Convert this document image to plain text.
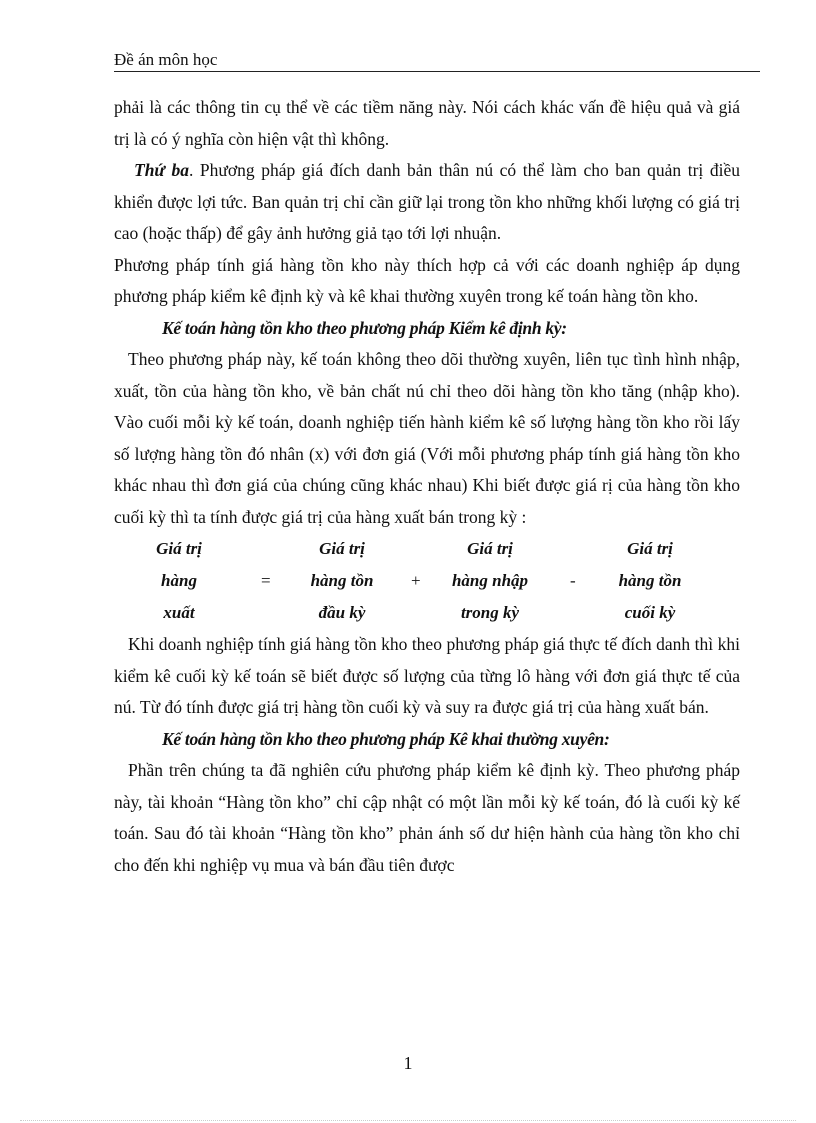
Đề án môn học

phải là các thông tin cụ thể về các tiềm năng này. Nói cách khác vấn đề hiệu quả và giá trị là có ý nghĩa còn hiện vật thì không.

Thứ ba. Phương pháp giá đích danh bản thân nú có thể làm cho ban quản trị điều khiển được lợi tức. Ban quản trị chỉ cần giữ lại trong tồn kho những khối lượng có giá trị cao (hoặc thấp) để gây ảnh hưởng giả tạo tới lợi nhuận.

Phương pháp tính giá hàng tồn kho này thích hợp cả với các doanh nghiệp áp dụng phương pháp kiểm kê định kỳ và kê khai thường xuyên trong kế toán hàng tồn kho.

Kế toán hàng tồn kho theo phương pháp Kiểm kê định kỳ:

Theo phương pháp này, kế toán không theo dõi thường xuyên, liên tục tình hình nhập, xuất, tồn của hàng tồn kho, về bản chất nú chỉ theo dõi hàng tồn kho tăng (nhập kho). Vào cuối mỗi kỳ kế toán, doanh nghiệp tiến hành kiểm kê số lượng hàng tồn kho rồi lấy số lượng hàng tồn đó nhân (x) với đơn giá (Với mỗi phương pháp tính giá hàng tồn kho khác nhau thì đơn giá của chúng cũng khác nhau) Khi biết được giá rị của hàng tồn kho cuối kỳ thì ta tính được giá trị của hàng xuất bán trong kỳ :

Giá trị
hàng
xuất
=
Giá trị
hàng tồn
đầu kỳ
+
Giá trị
hàng nhập
trong kỳ
-
Giá trị
hàng tồn
cuối kỳ

Khi doanh nghiệp tính giá hàng tồn kho theo phương pháp giá thực tế đích danh thì khi kiểm kê cuối kỳ kế toán sẽ biết được số lượng của từng lô hàng với đơn giá thực tế của nú. Từ đó tính được giá trị hàng tồn cuối kỳ và suy ra được giá trị của hàng xuất bán.

Kế toán hàng tồn kho theo phương pháp Kê khai thường xuyên:

Phần trên chúng ta đã nghiên cứu phương pháp kiểm kê định kỳ. Theo phương pháp này, tài khoản “Hàng tồn kho” chỉ cập nhật có một lần mỗi kỳ kế toán, đó là cuối kỳ kế toán. Sau đó tài khoản “Hàng tồn kho” phản ánh số dư hiện hành của hàng tồn kho chỉ cho đến khi nghiệp vụ mua và bán đầu tiên được

1
